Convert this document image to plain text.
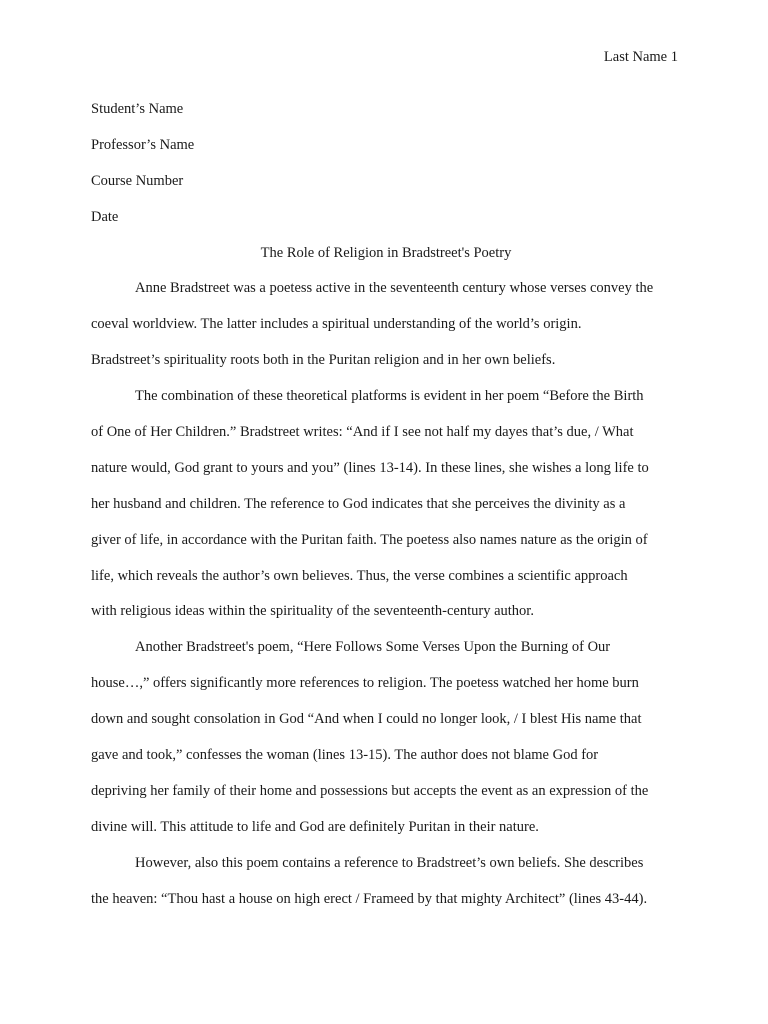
Last Name 1
Student’s Name
Professor’s Name
Course Number
Date
The Role of Religion in Bradstreet's Poetry
Anne Bradstreet was a poetess active in the seventeenth century whose verses convey the
coeval worldview. The latter includes a spiritual understanding of the world’s origin.
Bradstreet’s spirituality roots both in the Puritan religion and in her own beliefs.
The combination of these theoretical platforms is evident in her poem “Before the Birth
of One of Her Children.” Bradstreet writes: “And if I see not half my dayes that’s due, / What
nature would, God grant to yours and you” (lines 13-14). In these lines, she wishes a long life to
her husband and children. The reference to God indicates that she perceives the divinity as a
giver of life, in accordance with the Puritan faith. The poetess also names nature as the origin of
life, which reveals the author’s own believes. Thus, the verse combines a scientific approach
with religious ideas within the spirituality of the seventeenth-century author.
Another Bradstreet's poem, “Here Follows Some Verses Upon the Burning of Our
house…,” offers significantly more references to religion. The poetess watched her home burn
down and sought consolation in God “And when I could no longer look, / I blest His name that
gave and took,” confesses the woman (lines 13-15). The author does not blame God for
depriving her family of their home and possessions but accepts the event as an expression of the
divine will. This attitude to life and God are definitely Puritan in their nature.
However, also this poem contains a reference to Bradstreet’s own beliefs. She describes
the heaven: “Thou hast a house on high erect / Frameed by that mighty Architect” (lines 43-44).
